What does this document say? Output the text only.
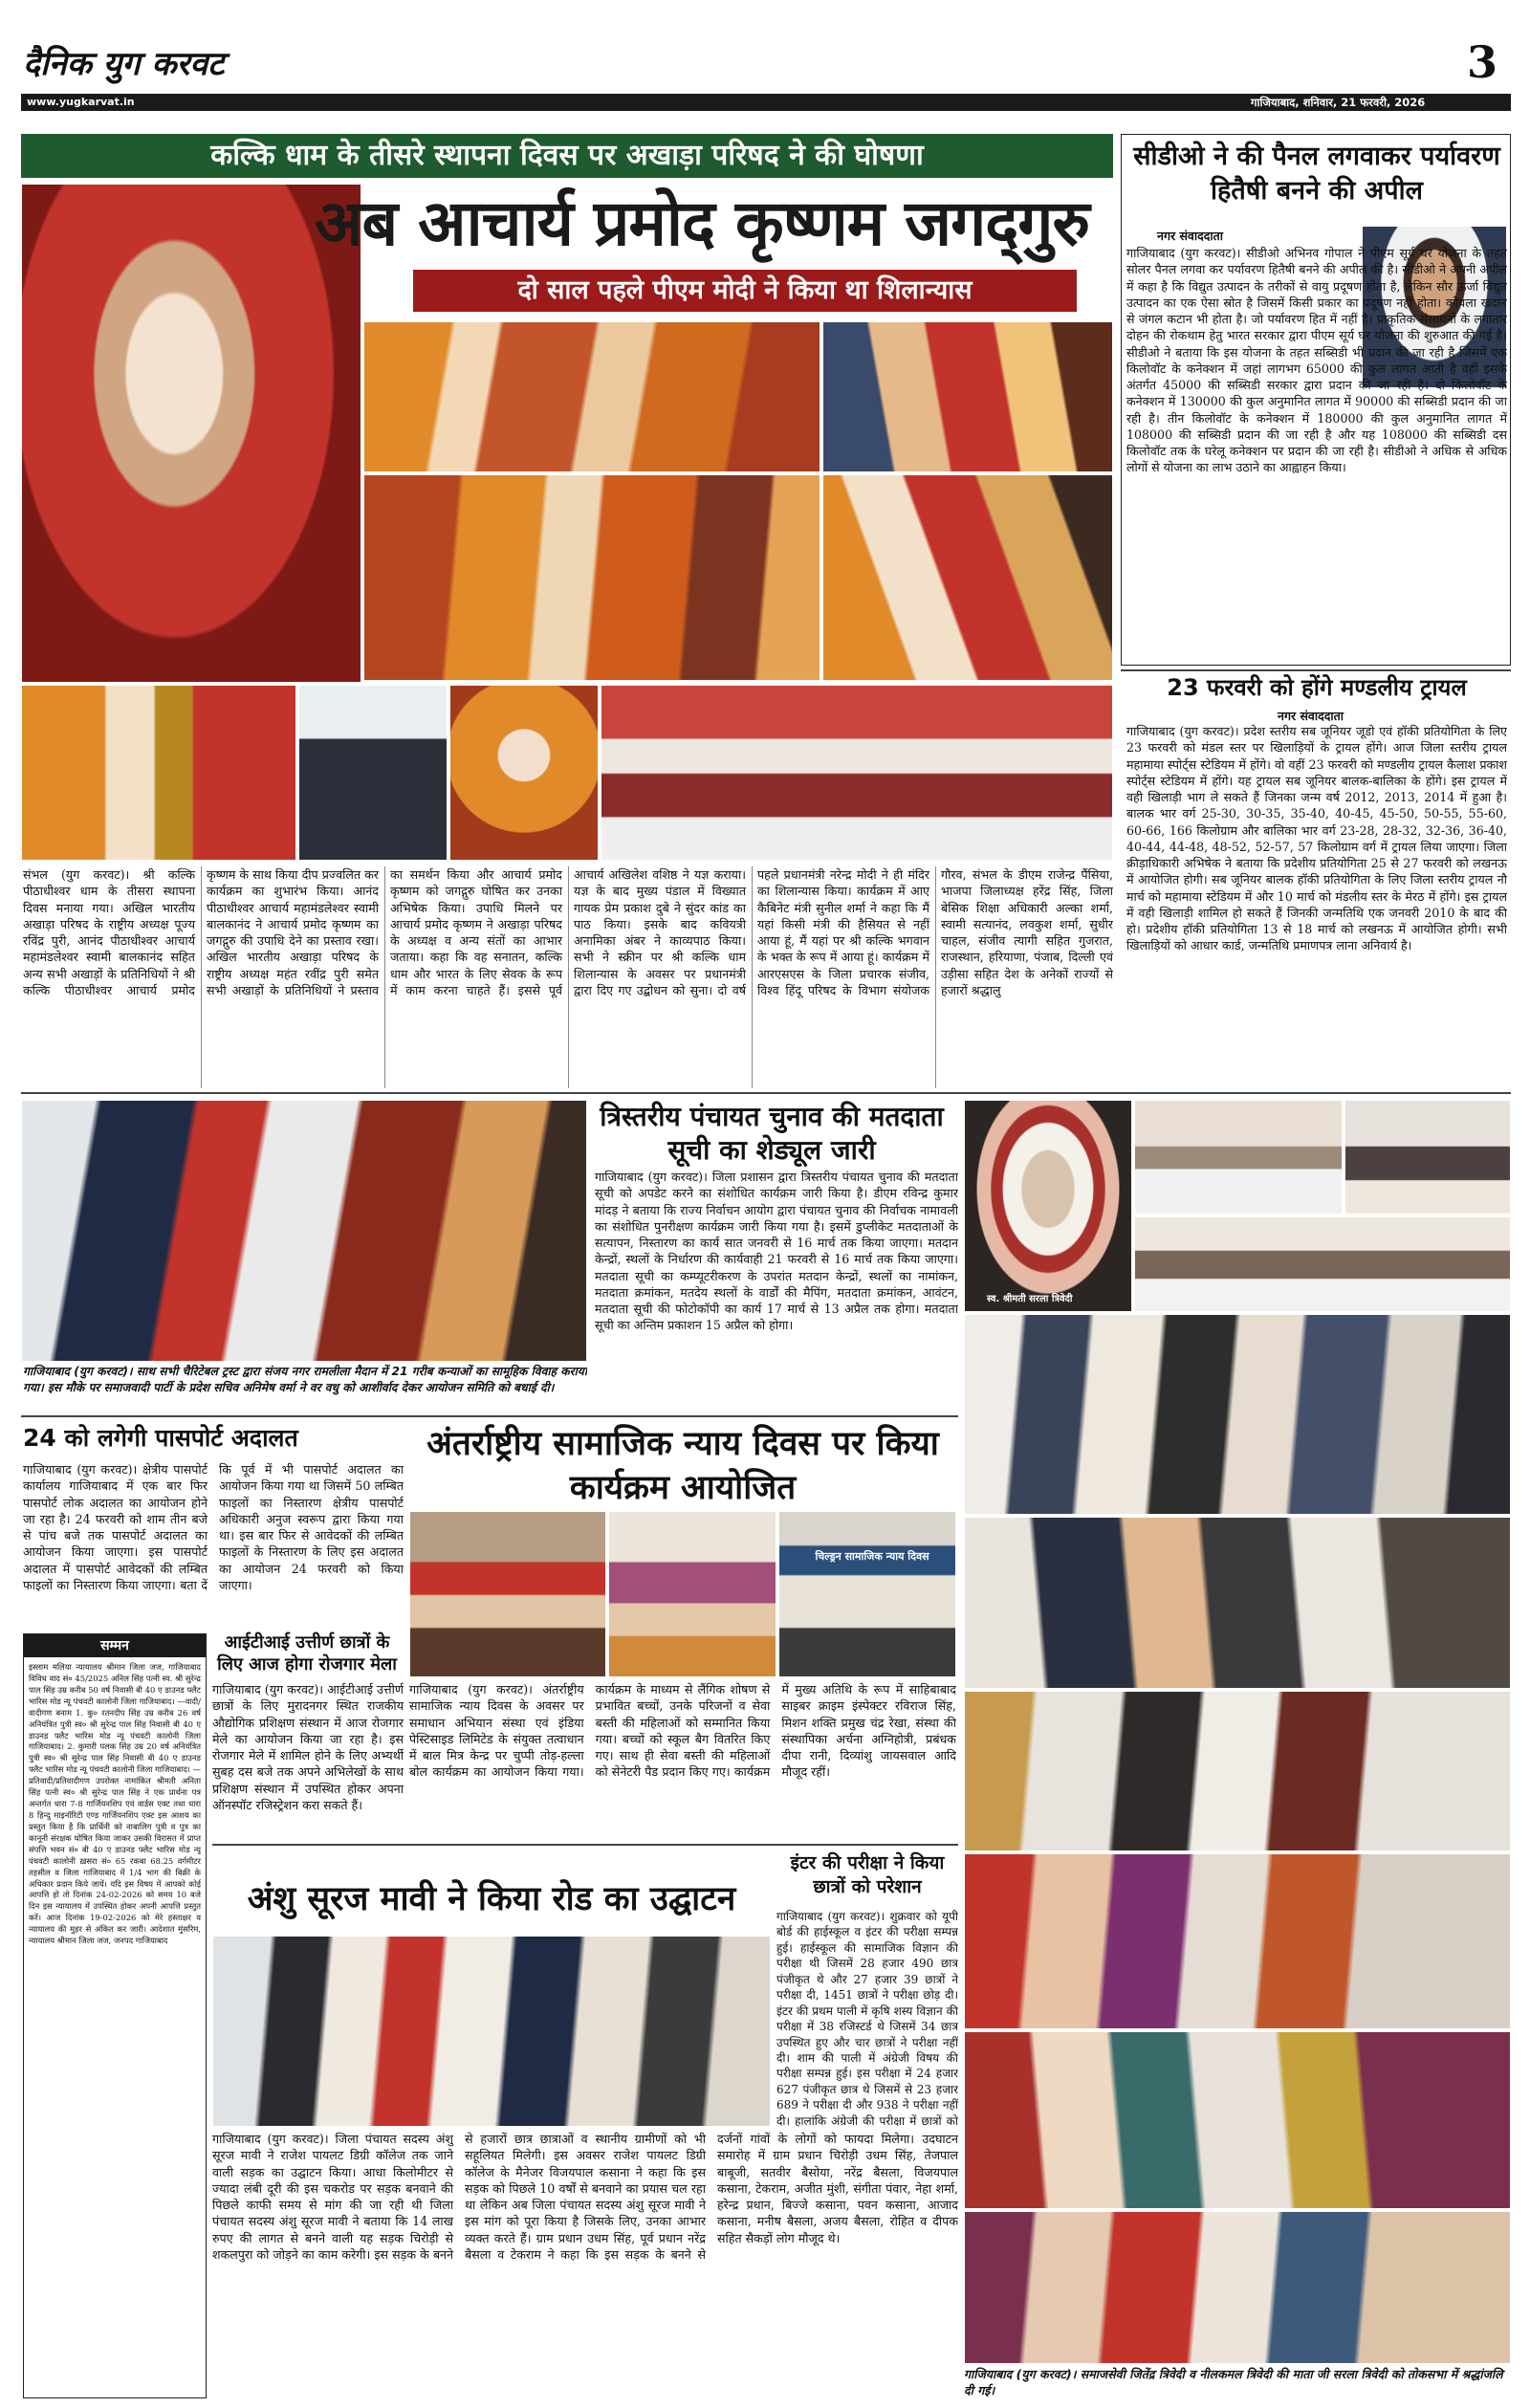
दैनिक युग करवट	3
www.yugkarvat.in	गाजियाबाद, शनिवार, 21 फरवरी, 2026
कल्कि धाम के तीसरे स्थापना दिवस पर अखाड़ा परिषद ने की घोषणा
अब आचार्य प्रमोद कृष्णम जगद्‌गुरु
दो साल पहले पीएम मोदी ने किया था शिलान्यास
संभल (युग करवट)। श्री कल्कि पीठाधीश्वर धाम के तीसरा स्थापना दिवस मनाया गया। अखिल भारतीय अखाड़ा परिषद के राष्ट्रीय अध्यक्ष पूज्य रविंद्र पुरी, आनंद पीठाधीश्वर आचार्य महामंडलेश्वर स्वामी बालकानंद सहित अन्य सभी अखाड़ों के प्रतिनिधियों ने श्री कल्कि पीठाधीश्वर आचार्य प्रमोद कृष्णम के साथ किया दीप प्रज्वलित कर कार्यक्रम का शुभारंभ किया। आनंद पीठाधीश्वर आचार्य महामंडलेश्वर स्वामी बालकानंद ने आचार्य प्रमोद कृष्णम का जगद्गुरु की उपाधि देने का प्रस्ताव रखा। अखिल भारतीय अखाड़ा परिषद के राष्ट्रीय अध्यक्ष महंत रवींद्र पुरी समेत सभी अखाड़ों के प्रतिनिधियों ने प्रस्ताव का समर्थन किया और आचार्य प्रमोद कृष्णम को जगद्गुरु घोषित कर उनका अभिषेक किया। उपाधि मिलने पर आचार्य प्रमोद कृष्णम ने अखाड़ा परिषद के अध्यक्ष व अन्य संतों का आभार जताया। कहा कि वह सनातन, कल्कि धाम और भारत के लिए सेवक के रूप में काम करना चाहते हैं। इससे पूर्व आचार्य अखिलेश वशिष्ठ ने यज्ञ कराया। यज्ञ के बाद मुख्य पंडाल में विख्यात गायक प्रेम प्रकाश दुबे ने सुंदर कांड का पाठ किया। इसके बाद कवियत्री अनामिका अंबर ने काव्यपाठ किया। सभी ने स्क्रीन पर श्री कल्कि धाम शिलान्यास के अवसर पर प्रधानमंत्री द्वारा दिए गए उद्बोधन को सुना। दो वर्ष पहले प्रधानमंत्री नरेन्द्र मोदी ने ही मंदिर का शिलान्यास किया। कार्यक्रम में आए कैबिनेट मंत्री सुनील शर्मा ने कहा कि मैं यहां किसी मंत्री की हैसियत से नहीं आया हूं, मैं यहां पर श्री कल्कि भगवान के भक्त के रूप में आया हूं। कार्यक्रम में आरएसएस के जिला प्रचारक संजीव, विश्व हिंदू परिषद के विभाग संयोजक गौरव, संभल के डीएम राजेन्द्र पैंसिया, भाजपा जिलाध्यक्ष हरेंद्र सिंह, जिला बेसिक शिक्षा अधिकारी अल्का शर्मा, स्वामी सत्यानंद, लवकुश शर्मा, सुधीर चाहल, संजीव त्यागी सहित गुजरात, राजस्थान, हरियाणा, पंजाब, दिल्ली एवं उड़ीसा सहित देश के अनेकों राज्यों से हजारों श्रद्धालु
सीडीओ ने की पैनल लगवाकर पर्यावरण हितैषी बनने की अपील
नगर संवाददाता
गाजियाबाद (युग करवट)। सीडीओ अभिनव गोपाल ने पीएम सूर्य घर योजना के तहत सोलर पैनल लगवा कर पर्यावरण हितैषी बनने की अपील की है। सीडीओ ने अपनी अपील में कहा है कि विद्युत उत्पादन के तरीकों से वायु प्रदूषण होता है, लेकिन सौर ऊर्जा विद्युत उत्पादन का एक ऐसा स्रोत है जिसमें किसी प्रकार का प्रदूषण नहीं होता। कोयला खदान से जंगल कटान भी होता है। जो पर्यावरण हित में नहीं है। प्राकृतिक संसाधनों के लगातार दोहन की रोकथाम हेतु भारत सरकार द्वारा पीएम सूर्य घर योजना की शुरुआत की गई है। सीडीओ ने बताया कि इस योजना के तहत सब्सिडी भी प्रदान की जा रही है जिसमें एक किलोवॉट के कनेक्शन में जहां लागभग 65000 की कुल लागत आती है वहीं इसके अंतर्गत 45000 की सब्सिडी सरकार द्वारा प्रदान की जा रही है। दो किलोवॉट के कनेक्शन में 130000 की कुल अनुमानित लागत में 90000 की सब्सिडी प्रदान की जा रही है। तीन किलोवॉट के कनेक्शन में 180000 की कुल अनुमानित लागत में 108000 की सब्सिडी प्रदान की जा रही है और यह 108000 की सब्सिडी दस किलोवॉट तक के घरेलू कनेक्शन पर प्रदान की जा रही है। सीडीओ ने अधिक से अधिक लोगों से योजना का लाभ उठाने का आह्वाहन किया।
23 फरवरी को होंगे मण्डलीय ट्रायल
नगर संवाददाता
गाजियाबाद (युग करवट)। प्रदेश स्तरीय सब जूनियर जूडो एवं हॉकी प्रतियोगिता के लिए 23 फरवरी को मंडल स्तर पर खिलाड़ियों के ट्रायल होंगे। आज जिला स्तरीय ट्रायल महामाया स्पोर्ट्स स्टेडियम में होंगे। वो वहीं 23 फरवरी को मण्डलीय ट्रायल कैलाश प्रकाश स्पोर्ट्स स्टेडियम में होंगे। यह ट्रायल सब जूनियर बालक-बालिका के होंगे। इस ट्रायल में वही खिलाड़ी भाग ले सकते हैं जिनका जन्म वर्ष 2012, 2013, 2014 में हुआ है। बालक भार वर्ग 25-30, 30-35, 35-40, 40-45, 45-50, 50-55, 55-60, 60-66, 166 किलोग्राम और बालिका भार वर्ग 23-28, 28-32, 32-36, 36-40, 40-44, 44-48, 48-52, 52-57, 57 किलोग्राम वर्ग में ट्रायल लिया जाएगा। जिला क्रीड़ाधिकारी अभिषेक ने बताया कि प्रदेशीय प्रतियोगिता 25 से 27 फरवरी को लखनऊ में आयोजित होगी। सब जूनियर बालक हॉकी प्रतियोगिता के लिए जिला स्तरीय ट्रायल नौ मार्च को महामाया स्टेडियम में और 10 मार्च को मंडलीय स्तर के मेरठ में होंगे। इस ट्रायल में वही खिलाड़ी शामिल हो सकते हैं जिनकी जन्मतिथि एक जनवरी 2010 के बाद की हो। प्रदेशीय हॉकी प्रतियोगिता 13 से 18 मार्च को लखनऊ में आयोजित होगी। सभी खिलाड़ियों को आधार कार्ड, जन्मतिथि प्रमाणपत्र लाना अनिवार्य है।
गाजियाबाद (युग करवट)। साथ सभी चैरिटेबल ट्रस्ट द्वारा संजय नगर रामलीला मैदान में 21 गरीब कन्याओं का सामूहिक विवाह कराया गया। इस मौके पर समाजवादी पार्टी के प्रदेश सचिव अनिमेष वर्मा ने वर वधु को आशीर्वाद देकर आयोजन समिति को बधाई दी।
त्रिस्तरीय पंचायत चुनाव की मतदाता सूची का शेड्यूल जारी
गाजियाबाद (युग करवट)। जिला प्रशासन द्वारा त्रिस्तरीय पंचायत चुनाव की मतदाता सूची को अपडेट करने का संशोधित कार्यक्रम जारी किया है। डीएम रविन्द्र कुमार मांदड़ ने बताया कि राज्य निर्वाचन आयोग द्वारा पंचायत चुनाव की निर्वाचक नामावली का संशोधित पुनरीक्षण कार्यक्रम जारी किया गया है। इसमें डुप्लीकेट मतदाताओं के सत्यापन, निस्तारण का कार्य सात जनवरी से 16 मार्च तक किया जाएगा। मतदान केन्द्रों, स्थलों के निर्धारण की कार्यवाही 21 फरवरी से 16 मार्च तक किया जाएगा। मतदाता सूची का कम्प्यूटरीकरण के उपरांत मतदान केन्द्रों, स्थलों का नामांकन, मतदाता क्रमांकन, मतदेय स्थलों के वार्डों की मैपिंग, मतदाता क्रमांकन, आवंटन, मतदाता सूची की फोटोकॉपी का कार्य 17 मार्च से 13 अप्रैल तक होगा। मतदाता सूची का अन्तिम प्रकाशन 15 अप्रैल को होगा।
स्व. श्रीमती सरला त्रिवेदी
गाजियाबाद (युग करवट)। समाजसेवी जितेंद्र त्रिवेदी व नीलकमल त्रिवेदी की माता जी सरला त्रिवेदी को तोकसभा में श्रद्धांजलि दी गई।
24 को लगेगी पासपोर्ट अदालत
गाजियाबाद (युग करवट)। क्षेत्रीय पासपोर्ट कार्यालय गाजियाबाद में एक बार फिर पासपोर्ट लोक अदालत का आयोजन होने जा रहा है। 24 फरवरी को शाम तीन बजे से पांच बजे तक पासपोर्ट अदालत का आयोजन किया जाएगा। इस पासपोर्ट अदालत में पासपोर्ट आवेदकों की लम्बित फाइलों का निस्तारण किया जाएगा। बता दें कि पूर्व में भी पासपोर्ट अदालत का आयोजन किया गया था जिसमें 50 लम्बित फाइलों का निस्तारण क्षेत्रीय पासपोर्ट अधिकारी अनुज स्वरूप द्वारा किया गया था। इस बार फिर से आवेदकों की लम्बित फाइलों के निस्तारण के लिए इस अदालत का आयोजन 24 फरवरी को किया जाएगा।
आईटीआई उत्तीर्ण छात्रों के लिए आज होगा रोजगार मेला
गाजियाबाद (युग करवट)। आईटीआई उत्तीर्ण छात्रों के लिए मुरादनगर स्थित राजकीय औद्योगिक प्रशिक्षण संस्थान में आज रोजगार मेले का आयोजन किया जा रहा है। इस रोजगार मेले में शामिल होने के लिए अभ्यर्थी सुबह दस बजे तक अपने अभिलेखों के साथ प्रशिक्षण संस्थान में उपस्थित होकर अपना ऑनस्पॉट रजिस्ट्रेशन करा सकते हैं।
सम्मन
इस्लाम मलिया न्यायालय श्रीमान जिला जज, गाजियाबाद विविध वाद सं० 45/2025 अनिल सिंह पत्नी स्व. श्री सुरेन्द्र पाल सिंह उम्र करीब 50 वर्ष निवासी बी 40 ए डाउनड फ्लैट भारिस मोड न्यू पंचवटी कालोनी जिला गाजियाबाद। —वादी/वादीगण बनाम 1. कु० रतनदीप सिंह उम्र करीब 26 वर्ष अनियंत्रित पुत्री स्व० श्री सुरेन्द्र पाल सिंह निवासी बी 40 ए डाउनड फ्लैट भारिस मोड न्यू पंचवटी कालोनी जिला गाजियाबाद। 2. कुमारी पलक सिंह उम्र 20 वर्ष अनियंत्रित पुत्री स्व० श्री सुरेन्द्र पाल सिंह निवासी बी 40 ए डाउनड फ्लैट भारिस मोड न्यू पंचवटी कालोनी जिला गाजियाबाद। —प्रतिवादी/प्रतिवादीगण उपरोक्त नामांकित श्रीमती अनिता सिंह पत्नी स्व० श्री सुरेन्द्र पाल सिंह ने एक प्रार्थना पत्र अन्तर्गत धारा 7-8 गार्जियनशिप एवं वार्डस एक्ट तथा धारा 8 हिन्दु माइनॉरिटी एण्ड गार्जियनशिप एक्ट इस आशय का प्रस्तुत किया है कि प्रार्थिनी को नाबालिग पुत्री व पुत्र का कानूनी संरक्षक घोषित किया जाकर उसकी विरासत में प्राप्त संपत्ति भवन सं० बी 40 ए डाउनड फ्लैट भारिस मोड न्यू पंचवटी कालोनी ख़सरा सं० 65 रकबा 68.25 वर्गमीटर तहसील व जिला गाजियाबाद में 1/4 भाग की बिक्री के अधिकार प्रदान किये जायें। यदि इस विषय में आपको कोई आपत्ति हो तो दिनांक 24-02-2026 को समय 10 बजे दिन इस न्यायालय में उपस्थित होकर अपनी आपत्ति प्रस्तुत करें। आज दिनांक 19-02-2026 को मेरे हस्ताक्षर व न्यायालय की मुहर से अंकित कर जारी। आदेशात मुंसरिम, न्यायालय श्रीमान जिला जज, जनपद गाजियाबाद
अंतर्राष्ट्रीय सामाजिक न्याय दिवस पर किया कार्यक्रम आयोजित
चिल्ड्रन सामाजिक न्याय दिवस
गाजियाबाद (युग करवट)। अंतर्राष्ट्रीय सामाजिक न्याय दिवस के अवसर पर समाधान अभियान संस्था एवं इंडिया पेस्टिसाइड लिमिटेड के संयुक्त तत्वाधान में बाल मित्र केन्द्र पर चुप्पी तोड़-हल्ला बोल कार्यक्रम का आयोजन किया गया। कार्यक्रम के माध्यम से लैंगिक शोषण से प्रभावित बच्चों, उनके परिजनों व सेवा बस्ती की महिलाओं को सम्मानित किया गया। बच्चों को स्कूल बैग वितरित किए गए। साथ ही सेवा बस्ती की महिलाओं को सेनेटरी पैड प्रदान किए गए। कार्यक्रम में मुख्य अतिथि के रूप में साहिबाबाद साइबर क्राइम इंस्पेक्टर रविराज सिंह, मिशन शक्ति प्रमुख चंद्र रेखा, संस्था की संस्थापिका अर्चना अग्निहोत्री, प्रबंधक दीपा रानी, दिव्यांशु जायसवाल आदि मौजूद रहीं।
अंशु सूरज मावी ने किया रोड का उद्घाटन
गाजियाबाद (युग करवट)। जिला पंचायत सदस्य अंशु सूरज मावी ने राजेश पायलट डिग्री कॉलेज तक जाने वाली सड़क का उद्घाटन किया। आधा किलोमीटर से ज्यादा लंबी दूरी की इस चकरोड पर सड़क बनवाने की पिछले काफी समय से मांग की जा रही थी जिला पंचायत सदस्य अंशु सूरज मावी ने बताया कि 14 लाख रुपए की लागत से बनने वाली यह सड़क चिरोड़ी से शकलपुरा को जोड़ने का काम करेगी। इस सड़क के बनने से हजारों छात्र छात्राओं व स्थानीय ग्रामीणों को भी सहूलियत मिलेगी। इस अवसर राजेश पायलट डिग्री कॉलेज के मैनेजर विजयपाल कसाना ने कहा कि इस सड़क को पिछले 10 वर्षों से बनवाने का प्रयास चल रहा था लेकिन अब जिला पंचायत सदस्य अंशु सूरज मावी ने इस मांग को पूरा किया है जिसके लिए, उनका आभार व्यक्त करते हैं। ग्राम प्रधान उधम सिंह, पूर्व प्रधान नरेंद्र बैसला व टेकराम ने कहा कि इस सड़क के बनने से दर्जनों गांवों के लोगों को फायदा मिलेगा। उदघाटन समारोह में ग्राम प्रधान चिरोड़ी उधम सिंह, तेजपाल बाबूजी, सतवीर बैसोया, नरेंद्र बैसला, विजयपाल कसाना, टेकराम, अजीत मुंशी, संगीता पंवार, नेहा शर्मा, हरेन्द्र प्रधान, बिज्जे कसाना, पवन कसाना, आजाद कसाना, मनीष बैसला, अजय बैसला, रोहित व दीपक सहित सैकड़ों लोग मौजूद थे।
इंटर की परीक्षा ने किया छात्रों को परेशान
गाजियाबाद (युग करवट)। शुक्रवार को यूपी बोर्ड की हाईस्कूल व इंटर की परीक्षा सम्पन्न हुई। हाईस्कूल की सामाजिक विज्ञान की परीक्षा थी जिसमें 28 हजार 490 छात्र पंजीकृत थे और 27 हजार 39 छात्रों ने परीक्षा दी, 1451 छात्रों ने परीक्षा छोड़ दी। इंटर की प्रथम पाली में कृषि शस्य विज्ञान की परीक्षा में 38 रजिस्टर्ड थे जिसमें 34 छात्र उपस्थित हुए और चार छात्रों ने परीक्षा नहीं दी। शाम की पाली में अंग्रेजी विषय की परीक्षा सम्पन्न हुई। इस परीक्षा में 24 हजार 627 पंजीकृत छात्र थे जिसमें से 23 हजार 689 ने परीक्षा दी और 938 ने परीक्षा नहीं दी। हालांकि अंग्रेजी की परीक्षा में छात्रों को
